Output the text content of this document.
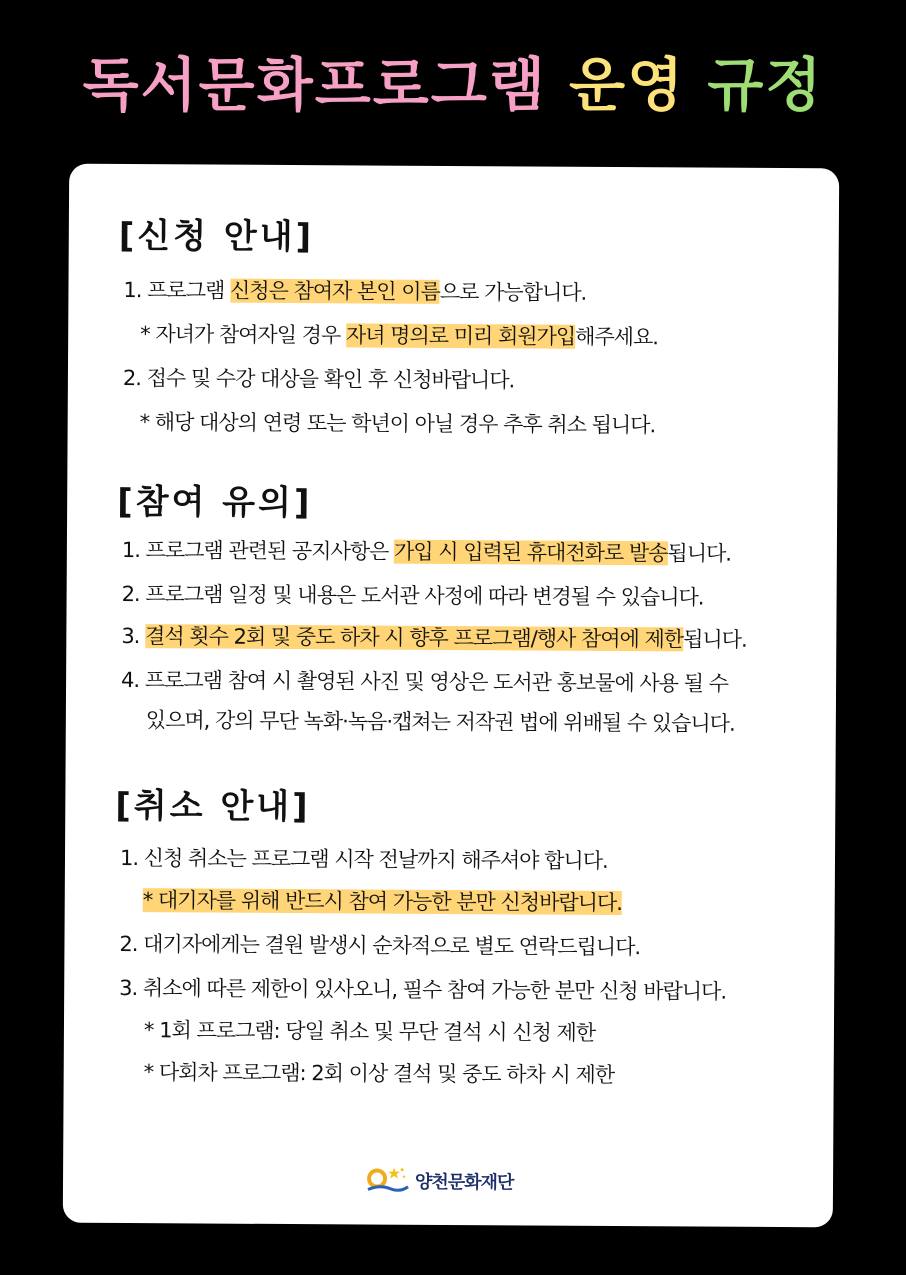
독서문화프로그램 운영 규정
[신청 안내]
1. 프로그램 신청은 참여자 본인 이름으로 가능합니다.
* 자녀가 참여자일 경우 자녀 명의로 미리 회원가입해주세요.
2. 접수 및 수강 대상을 확인 후 신청바랍니다.
* 해당 대상의 연령 또는 학년이 아닐 경우 추후 취소 됩니다.
[참여 유의]
1. 프로그램 관련된 공지사항은 가입 시 입력된 휴대전화로 발송됩니다.
2. 프로그램 일정 및 내용은 도서관 사정에 따라 변경될 수 있습니다.
3. 결석 횟수 2회 및 중도 하차 시 향후 프로그램/행사 참여에 제한됩니다.
4. 프로그램 참여 시 촬영된 사진 및 영상은 도서관 홍보물에 사용 될 수
있으며, 강의 무단 녹화·녹음·캡쳐는 저작권 법에 위배될 수 있습니다.
[취소 안내]
1. 신청 취소는 프로그램 시작 전날까지 해주셔야 합니다.
* 대기자를 위해 반드시 참여 가능한 분만 신청바랍니다.
2. 대기자에게는 결원 발생시 순차적으로 별도 연락드립니다.
3. 취소에 따른 제한이 있사오니, 필수 참여 가능한 분만 신청 바랍니다.
* 1회 프로그램: 당일 취소 및 무단 결석 시 신청 제한
* 다회차 프로그램: 2회 이상 결석 및 중도 하차 시 제한
양천문화재단
